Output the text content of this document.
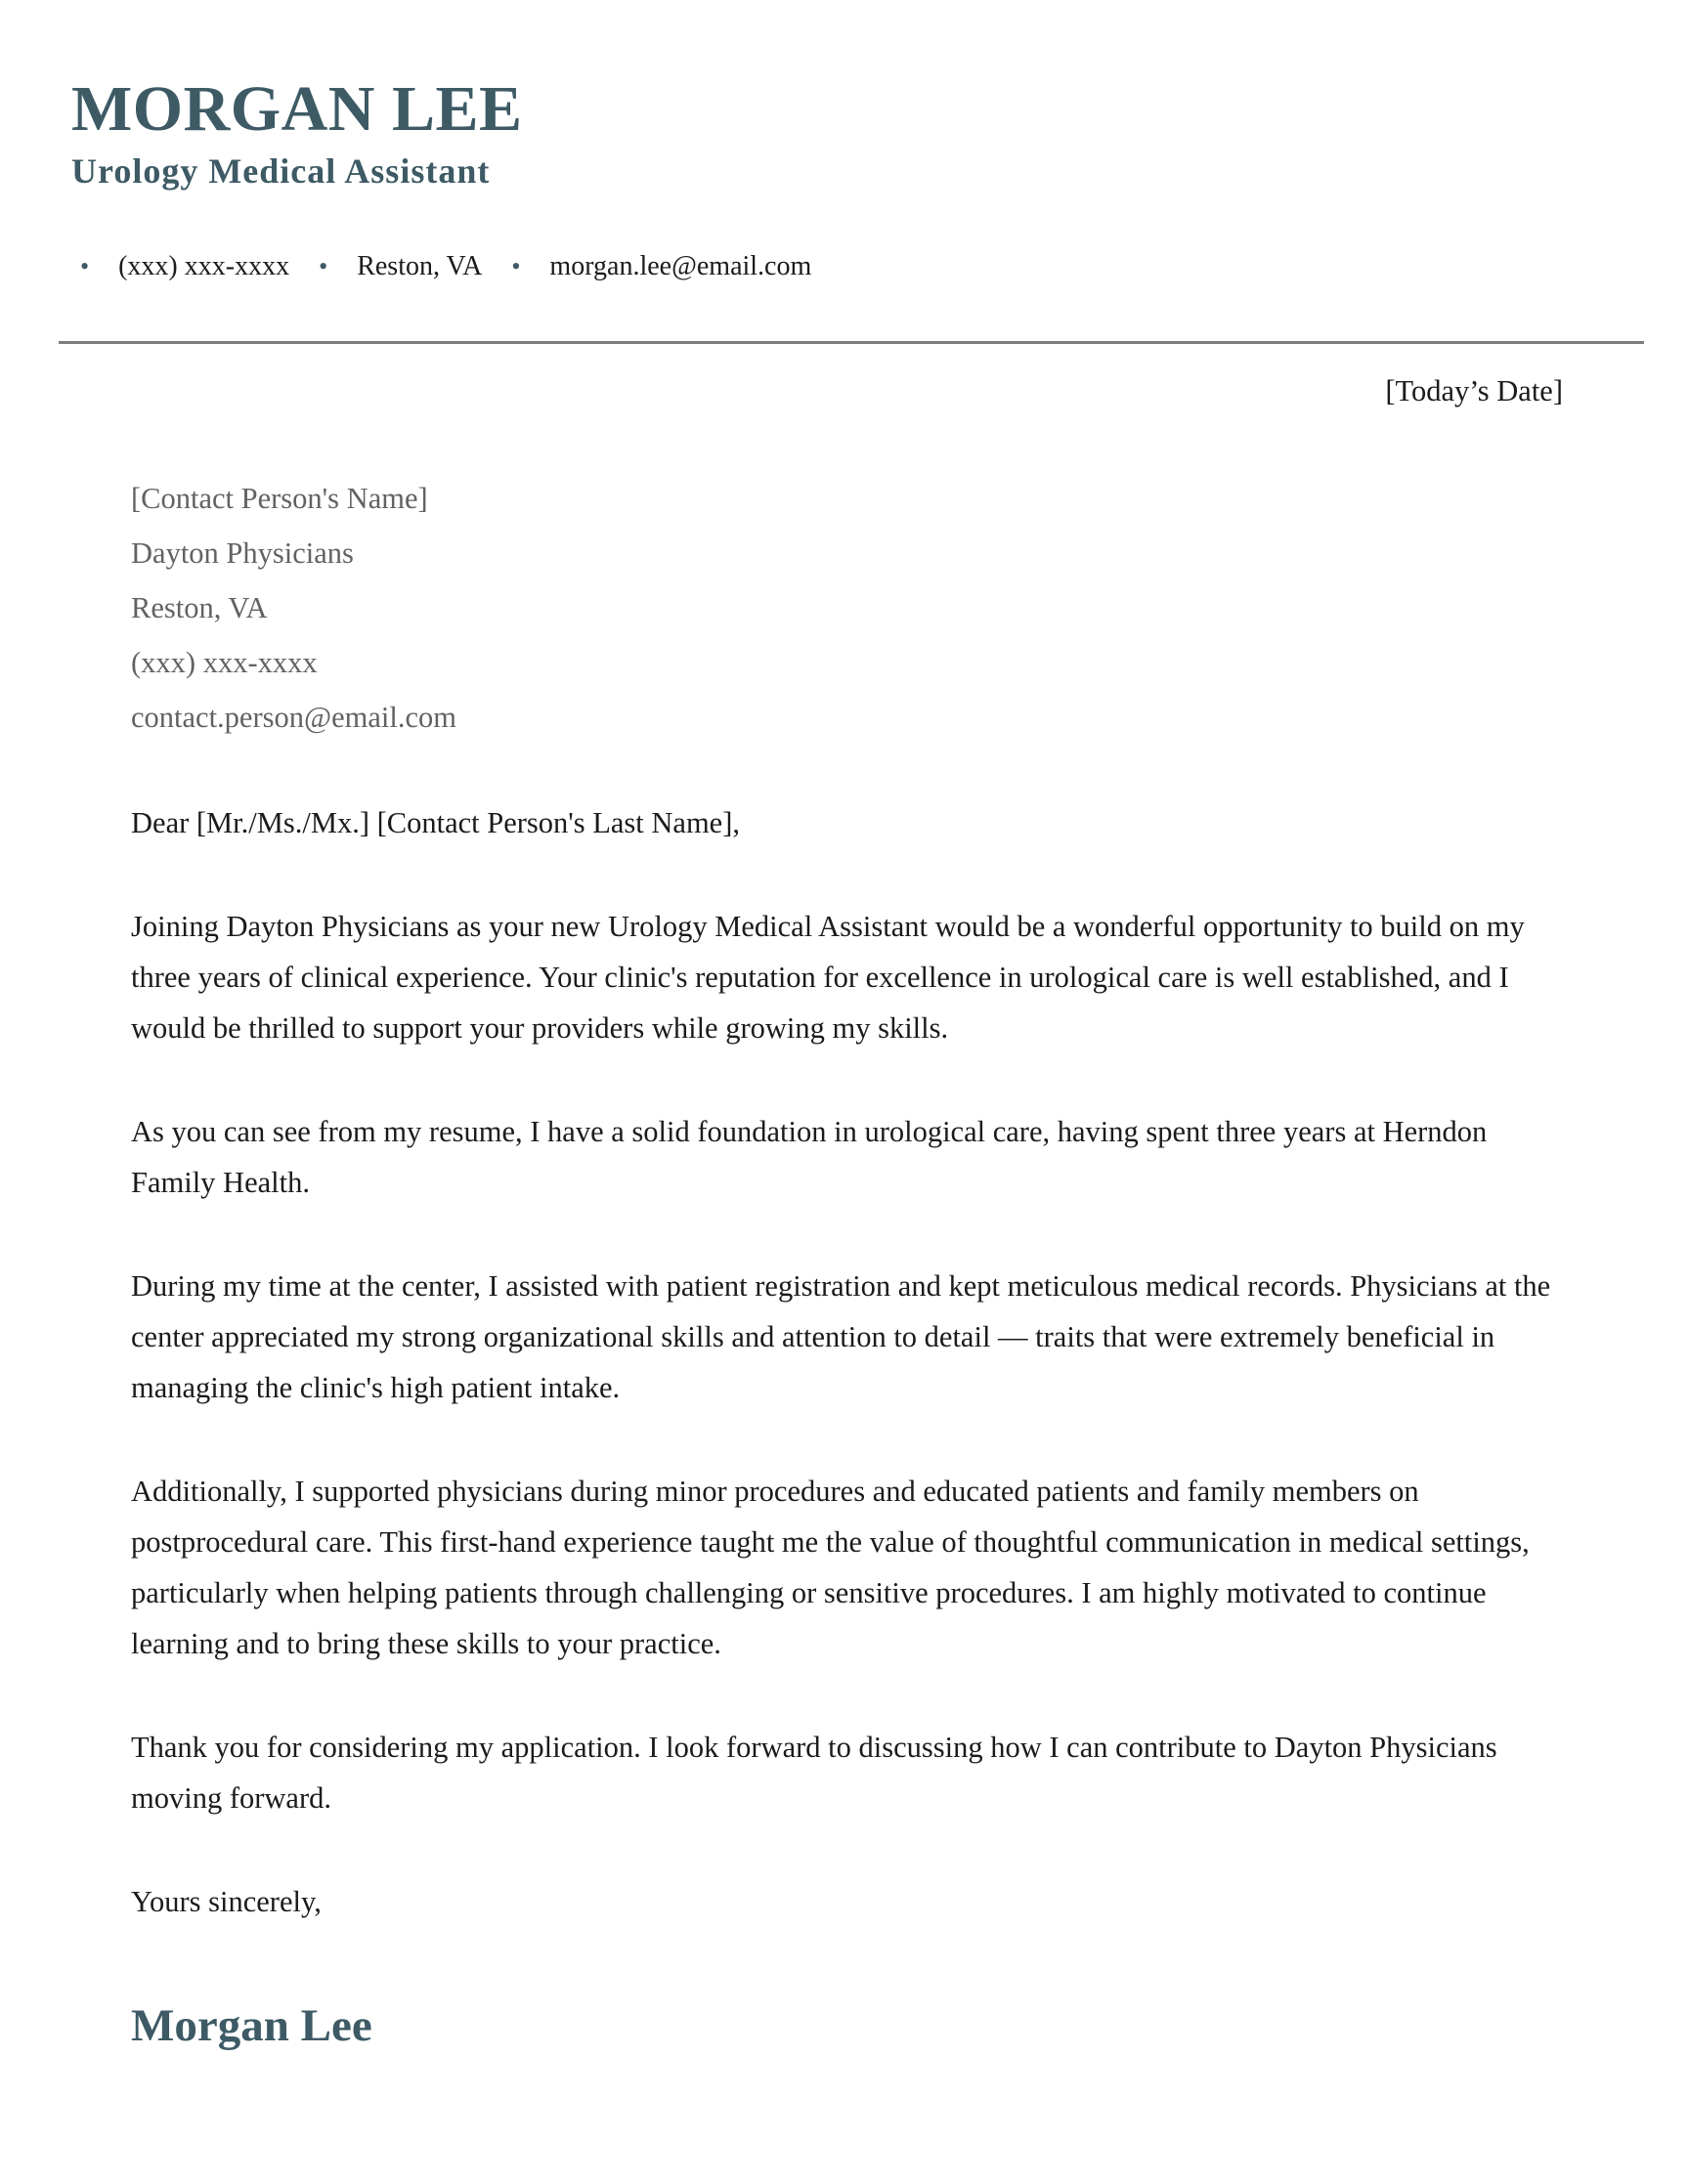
MORGAN LEE
Urology Medical Assistant
• (xxx) xxx-xxxx • Reston, VA • morgan.lee@email.com
[Today’s Date]
[Contact Person's Name]
Dayton Physicians
Reston, VA
(xxx) xxx-xxxx
contact.person@email.com

Dear [Mr./Ms./Mx.] [Contact Person's Last Name],

Joining Dayton Physicians as your new Urology Medical Assistant would be a wonderful opportunity to build on my three years of clinical experience. Your clinic's reputation for excellence in urological care is well established, and I would be thrilled to support your providers while growing my skills.

As you can see from my resume, I have a solid foundation in urological care, having spent three years at Herndon Family Health.

During my time at the center, I assisted with patient registration and kept meticulous medical records. Physicians at the center appreciated my strong organizational skills and attention to detail — traits that were extremely beneficial in managing the clinic's high patient intake.

Additionally, I supported physicians during minor procedures and educated patients and family members on postprocedural care. This first-hand experience taught me the value of thoughtful communication in medical settings, particularly when helping patients through challenging or sensitive procedures. I am highly motivated to continue learning and to bring these skills to your practice.

Thank you for considering my application. I look forward to discussing how I can contribute to Dayton Physicians moving forward.

Yours sincerely,

Morgan Lee
